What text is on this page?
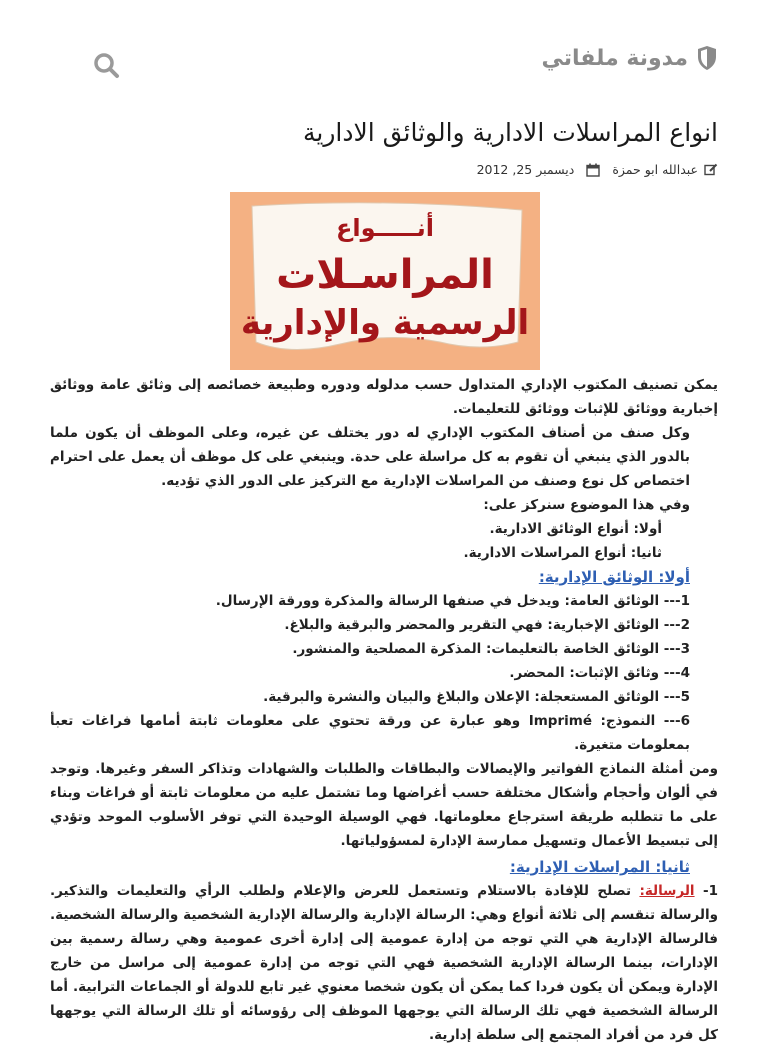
مدونة ملفاتي
انواع المراسلات الادارية والوثائق الادارية
عبدالله ابو حمزة
ديسمبر 25, 2012
أنـــــواع
المراسـلات
الرسمية والإدارية

يمكن تصنيف المكتوب الإداري المتداول حسب مدلوله ودوره وطبيعة خصائصه إلى وثائق عامة ووثائق إخبارية ووثائق للإثبات ووثائق للتعليمات.

وكل صنف من أصناف المكتوب الإداري له دور يختلف عن غيره، وعلى الموظف أن يكون ملما بالدور الذي ينبغي أن تقوم به كل مراسلة على حدة. وينبغي على كل موظف أن يعمل على احترام اختصاص كل نوع وصنف من المراسلات الإدارية مع التركيز على الدور الذي تؤديه.

وفي هذا الموضوع سنركز على:

أولا: أنواع الوثائق الادارية.

ثانيا: أنواع المراسلات الادارية.

أولا: الوثائق الإدارية:

1--- الوثائق العامة: ويدخل في صنفها الرسالة والمذكرة وورقة الإرسال.

2--- الوثائق الإخبارية: فهي التقرير والمحضر والبرقية والبلاغ.

3--- الوثائق الخاصة بالتعليمات: المذكرة المصلحية والمنشور.

4--- وثائق الإثبات: المحضر.

5--- الوثائق المستعجلة: الإعلان والبلاغ والبيان والنشرة والبرقية.

6--- النموذج: Imprimé وهو عبارة عن ورقة تحتوي على معلومات ثابتة أمامها فراغات تعبأ بمعلومات متغيرة.

ومن أمثلة النماذج الفواتير والإيصالات والبطاقات والطلبات والشهادات وتذاكر السفر وغيرها. وتوجد في ألوان وأحجام وأشكال مختلفة حسب أغراضها وما تشتمل عليه من معلومات ثابتة أو فراغات وبناء على ما تتطلبه طريقة استرجاع معلوماتها. فهي الوسيلة الوحيدة التي توفر الأسلوب الموحد وتؤدي إلى تبسيط الأعمال وتسهيل ممارسة الإدارة لمسؤولياتها.

ثانيا: المراسلات الإدارية:

1- الرسالة: تصلح للإفادة بالاستلام وتستعمل للعرض والإعلام ولطلب الرأي والتعليمات والتذكير. والرسالة تنقسم إلى ثلاثة أنواع وهي: الرسالة الإدارية والرسالة الإدارية الشخصية والرسالة الشخصية. فالرسالة الإدارية هي التي توجه من إدارة عمومية إلى إدارة أخرى عمومية وهي رسالة رسمية بين الإدارات، بينما الرسالة الإدارية الشخصية فهي التي توجه من إدارة عمومية إلى مراسل من خارج الإدارة ويمكن أن يكون فردا كما يمكن أن يكون شخصا معنوي غير تابع للدولة أو الجماعات الترابية. أما الرسالة الشخصية فهي تلك الرسالة التي يوجهها الموظف إلى رؤوسائه أو تلك الرسالة التي يوجهها كل فرد من أفراد المجتمع إلى سلطة إدارية.
